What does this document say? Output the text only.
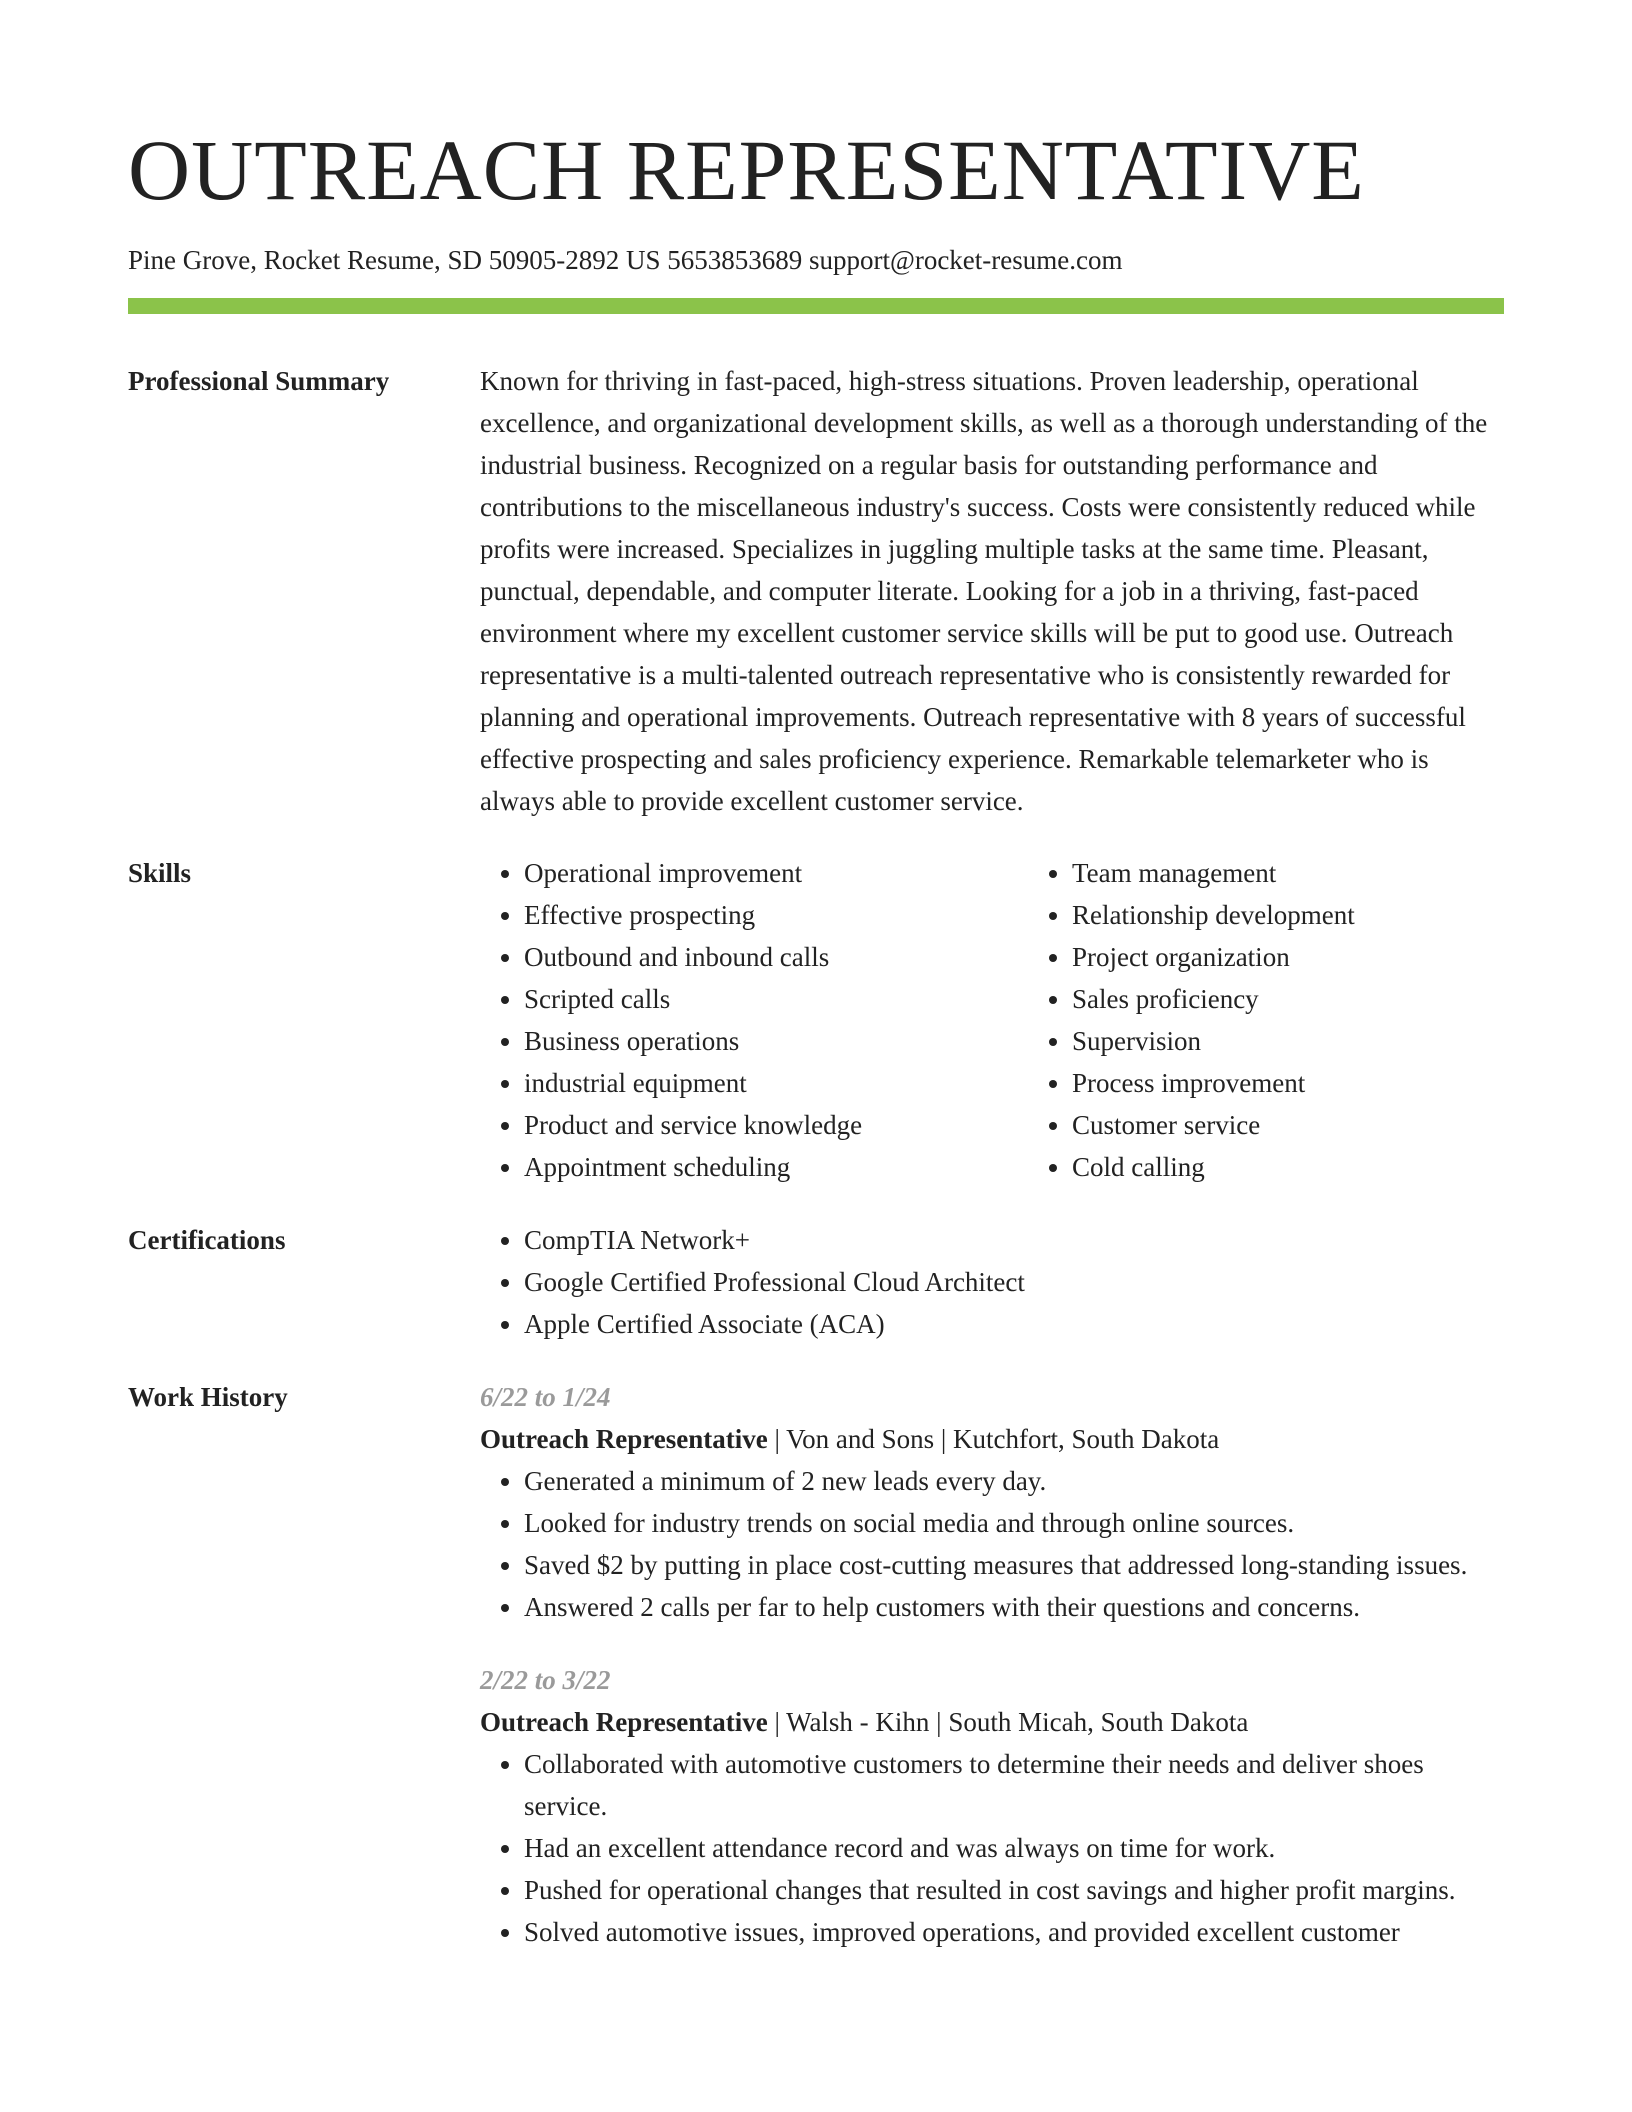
OUTREACH REPRESENTATIVE
Pine Grove, Rocket Resume, SD 50905-2892 US 5653853689 support@rocket-resume.com
Professional Summary	Known for thriving in fast-paced, high-stress situations. Proven leadership, operational excellence, and organizational development skills, as well as a thorough understanding of the industrial business. Recognized on a regular basis for outstanding performance and contributions to the miscellaneous industry's success. Costs were consistently reduced while profits were increased. Specializes in juggling multiple tasks at the same time. Pleasant, punctual, dependable, and computer literate. Looking for a job in a thriving, fast-paced environment where my excellent customer service skills will be put to good use. Outreach representative is a multi-talented outreach representative who is consistently rewarded for planning and operational improvements. Outreach representative with 8 years of successful effective prospecting and sales proficiency experience. Remarkable telemarketer who is always able to provide excellent customer service.

Skills	• Operational improvement
• Effective prospecting
• Outbound and inbound calls
• Scripted calls
• Business operations
• industrial equipment
• Product and service knowledge
• Appointment scheduling
• Team management
• Relationship development
• Project organization
• Sales proficiency
• Supervision
• Process improvement
• Customer service
• Cold calling
Certifications	• CompTIA Network+
• Google Certified Professional Cloud Architect
• Apple Certified Associate (ACA)
Work History	6/22 to 1/24
Outreach Representative | Von and Sons | Kutchfort, South Dakota
• Generated a minimum of 2 new leads every day.
• Looked for industry trends on social media and through online sources.
• Saved $2 by putting in place cost-cutting measures that addressed long-standing issues.
• Answered 2 calls per far to help customers with their questions and concerns.
2/22 to 3/22
Outreach Representative | Walsh - Kihn | South Micah, South Dakota
• Collaborated with automotive customers to determine their needs and deliver shoes service.
• Had an excellent attendance record and was always on time for work.
• Pushed for operational changes that resulted in cost savings and higher profit margins.
• Solved automotive issues, improved operations, and provided excellent customer
